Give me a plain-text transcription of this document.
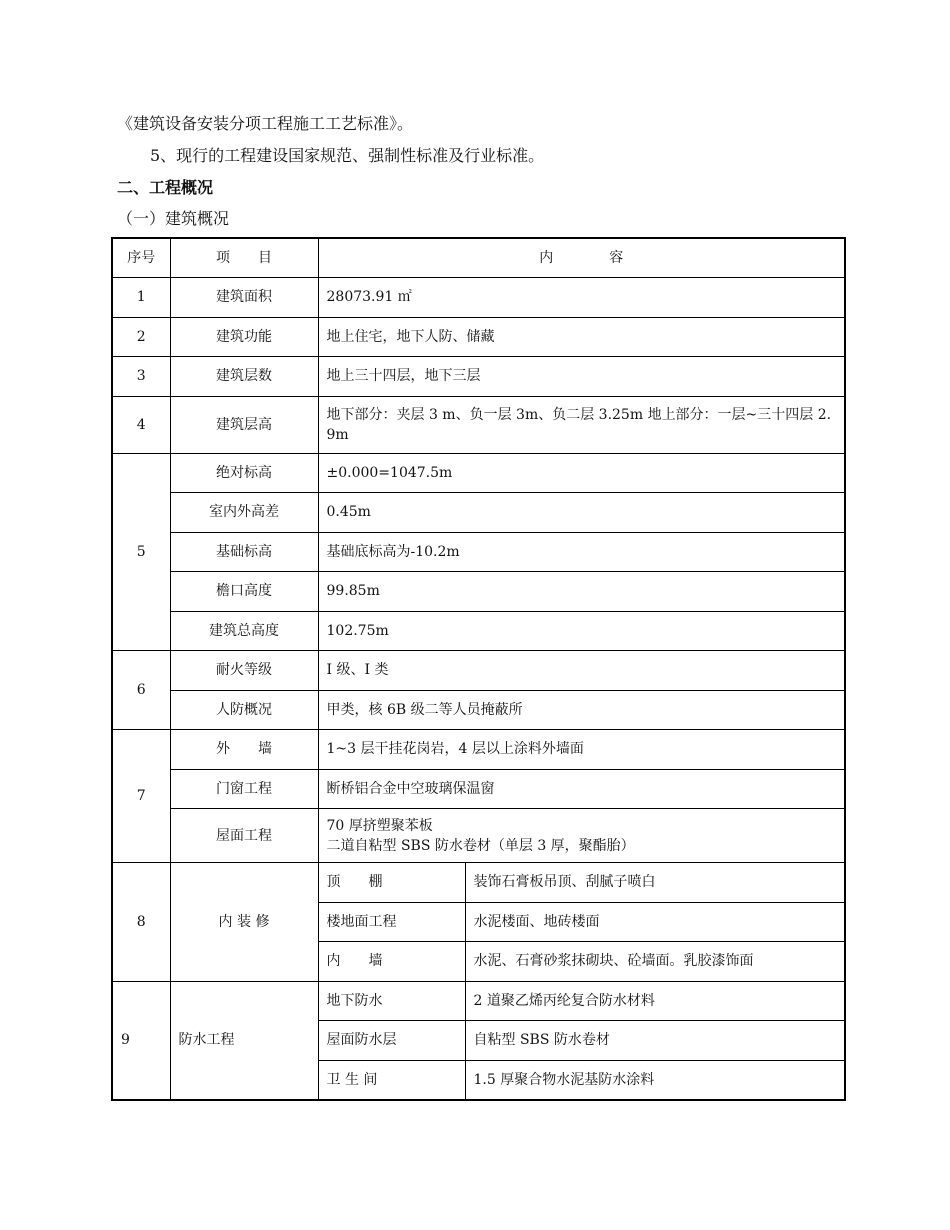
《建筑设备安装分项工程施工工艺标准》。
5、现行的工程建设国家规范、强制性标准及行业标准。
二、工程概况
（一）建筑概况
序号	项　　目	内　　　　容	
1	建筑面积	28073.91 ㎡	
2	建筑功能	地上住宅，地下人防、储藏	
3	建筑层数	地上三十四层，地下三层	
4	建筑层高	地下部分：夹层 3 m、负一层 3m、负二层 3.25m 地上部分：一层~三十四层 2.9m	
5	绝对标高	±0.000=1047.5m	
	室内外高差	0.45m	
	基础标高	基础底标高为-10.2m	
	檐口高度	99.85m	
	建筑总高度	102.75m	
6	耐火等级	I 级、I 类	
	人防概况	甲类，核 6B 级二等人员掩蔽所	
7	外　　墙	1~3 层干挂花岗岩，4 层以上涂料外墙面	
	门窗工程	断桥铝合金中空玻璃保温窗	
	屋面工程	70 厚挤塑聚苯板
二道自粘型 SBS 防水卷材（单层 3 厚，聚酯胎）	

8	内 装 修	顶　　棚	装饰石膏板吊顶、刮腻子喷白
		楼地面工程	水泥楼面、地砖楼面
		内　　墙	水泥、石膏砂浆抹砌块、砼墙面。乳胶漆饰面
9	防水工程	地下防水	2 道聚乙烯丙纶复合防水材料
		屋面防水层	自粘型 SBS 防水卷材
		卫 生 间	1.5 厚聚合物水泥基防水涂料
